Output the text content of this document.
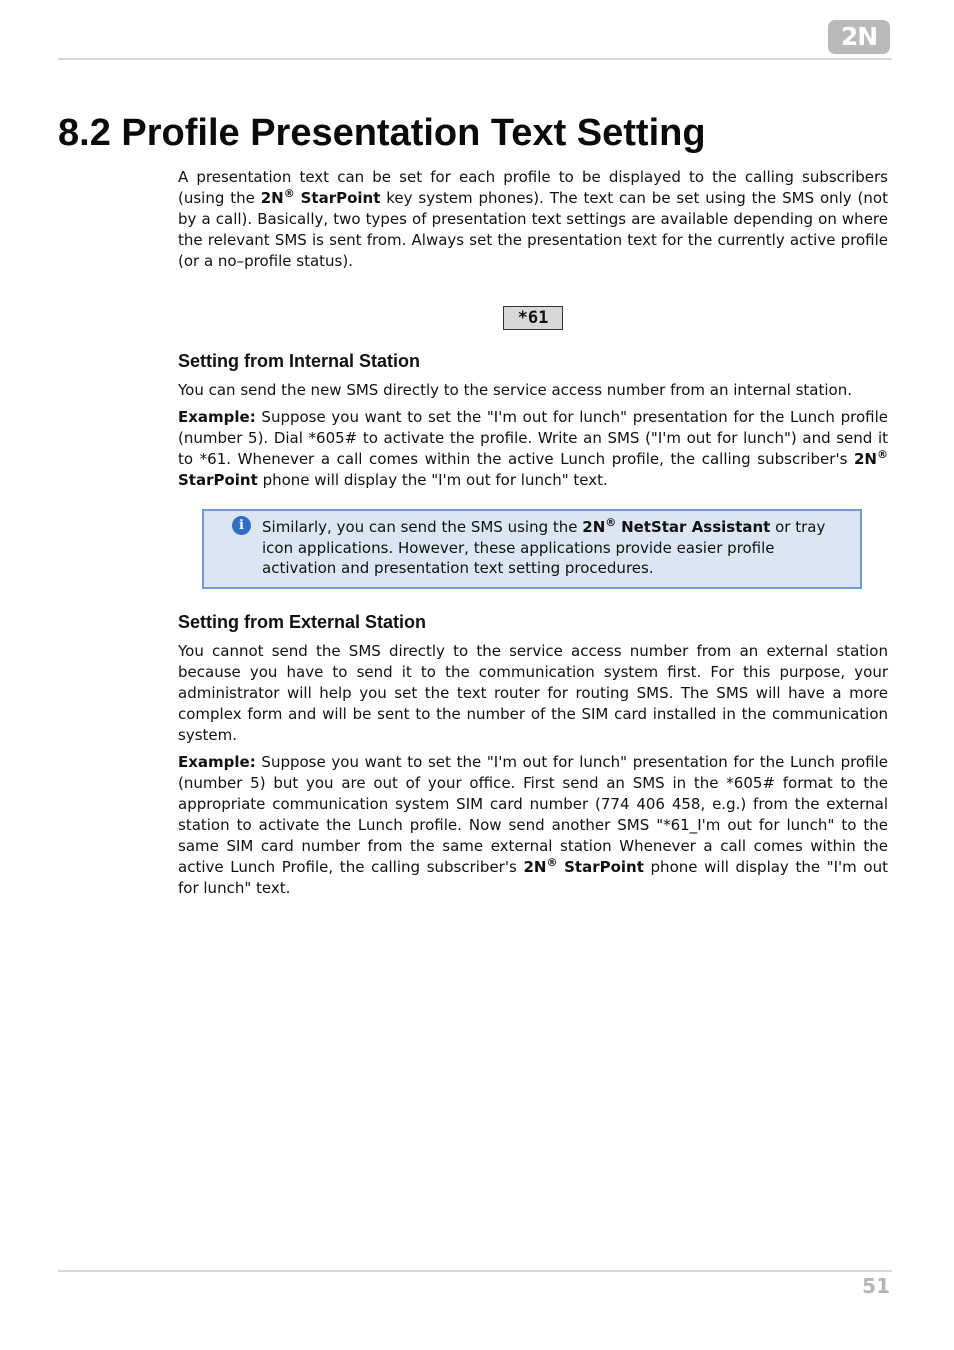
2N
8.2 Profile Presentation Text Setting

A presentation text can be set for each profile to be displayed to the calling subscribers (using the 2N® StarPoint key system phones). The text can be set using the SMS only (not by a call). Basically, two types of presentation text settings are available depending on where the relevant SMS is sent from. Always set the presentation text for the currently active profile (or a no–profile status).

*61
Setting from Internal Station

You can send the new SMS directly to the service access number from an internal station.

Example: Suppose you want to set the "I'm out for lunch" presentation for the Lunch profile (number 5). Dial *605# to activate the profile. Write an SMS ("I'm out for lunch") and send it to *61. Whenever a call comes within the active Lunch profile, the calling subscriber's 2N® StarPoint phone will display the "I'm out for lunch" text.

i	Similarly, you can send the SMS using the 2N® NetStar Assistant or tray icon applications. However, these applications provide easier profile activation and presentation text setting procedures.

Setting from External Station

You cannot send the SMS directly to the service access number from an external station because you have to send it to the communication system first. For this purpose, your administrator will help you set the text router for routing SMS. The SMS will have a more complex form and will be sent to the number of the SIM card installed in the communication system.

Example: Suppose you want to set the "I'm out for lunch" presentation for the Lunch profile (number 5) but you are out of your office. First send an SMS in the *605# format to the appropriate communication system SIM card number (774 406 458, e.g.) from the external station to activate the Lunch profile. Now send another SMS "*61_I'm out for lunch" to the same SIM card number from the same external station Whenever a call comes within the active Lunch Profile, the calling subscriber's 2N® StarPoint phone will display the "I'm out for lunch" text.

51
